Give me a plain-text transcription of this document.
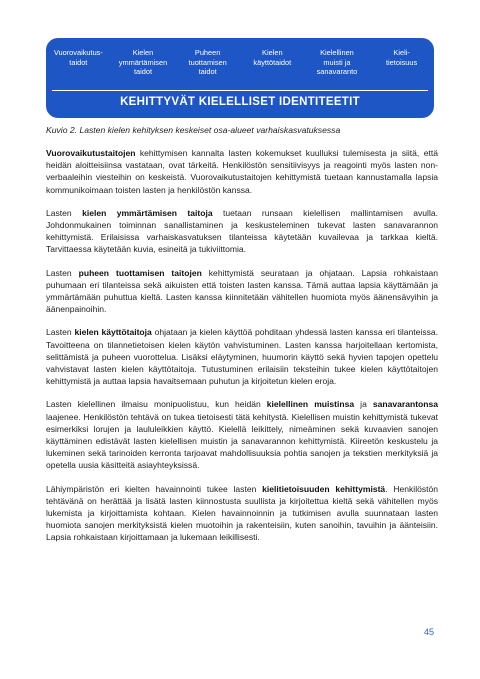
Vuorovaikutus-
taidot
Kielen
ymmärtämisen
taidot
Puheen
tuottamisen
taidot
Kielen
käyttötaidot
Kielellinen
muisti ja
sanavaranto
Kieli-
tietoisuus
KEHITTYVÄT KIELELLISET IDENTITEETIT
Kuvio 2. Lasten kielen kehityksen keskeiset osa-alueet varhaiskasvatuksessa

Vuorovaikutustaitojen kehittymisen kannalta lasten kokemukset kuulluksi tulemisesta ja siitä, että heidän aloitteisiinsa vastataan, ovat tärkeitä. Henkilöstön sensitiivisyys ja reagointi myös lasten non-verbaaleihin viesteihin on keskeistä. Vuorovaikutustaitojen kehittymistä tuetaan kannustamalla lapsia kommunikoimaan toisten lasten ja henkilöstön kanssa.

Lasten kielen ymmärtämisen taitoja tuetaan runsaan kielellisen mallintamisen avulla. Johdonmukainen toiminnan sanallistaminen ja keskusteleminen tukevat lasten sanavarannon kehittymistä. Erilaisissa varhaiskasvatuksen tilanteissa käytetään kuvailevaa ja tarkkaa kieltä. Tarvittaessa käytetään kuvia, esineitä ja tukiviittomia.

Lasten puheen tuottamisen taitojen kehittymistä seurataan ja ohjataan. Lapsia rohkaistaan puhumaan eri tilanteissa sekä aikuisten että toisten lasten kanssa. Tämä auttaa lapsia käyttämään ja ymmärtämään puhuttua kieltä. Lasten kanssa kiinnitetään vähitellen huomiota myös äänensävyihin ja äänenpainoihin.

Lasten kielen käyttötaitoja ohjataan ja kielen käyttöä pohditaan yhdessä lasten kanssa eri tilanteissa. Tavoitteena on tilannetietoisen kielen käytön vahvistuminen. Lasten kanssa harjoitellaan kertomista, selittämistä ja puheen vuorottelua. Lisäksi eläytyminen, huumorin käyttö sekä hyvien tapojen opettelu vahvistavat lasten kielen käyttötaitoja. Tutustuminen erilaisiin teksteihin tukee kielen käyttötaitojen kehittymistä ja auttaa lapsia havaitsemaan puhutun ja kirjoitetun kielen eroja.

Lasten kielellinen ilmaisu monipuolistuu, kun heidän kielellinen muistinsa ja sanavarantonsa laajenee. Henkilöstön tehtävä on tukea tietoisesti tätä kehitystä. Kielellisen muistin kehittymistä tukevat esimerkiksi lorujen ja laululeikkien käyttö. Kielellä leikittely, nimeäminen sekä kuvaavien sanojen käyttäminen edistävät lasten kielellisen muistin ja sanavarannon kehittymistä. Kiireetön keskustelu ja lukeminen sekä tarinoiden kerronta tarjoavat mahdollisuuksia pohtia sanojen ja tekstien merkityksiä ja opetella uusia käsitteitä asiayhteyksissä.

Lähiympäristön eri kielten havainnointi tukee lasten kielitietoisuuden kehittymistä. Henkilöstön tehtävänä on herättää ja lisätä lasten kiinnostusta suullista ja kirjoitettua kieltä sekä vähitellen myös lukemista ja kirjoittamista kohtaan. Kielen havainnoinnin ja tutkimisen avulla suunnataan lasten huomiota sanojen merkityksistä kielen muotoihin ja rakenteisiin, kuten sanoihin, tavuihin ja äänteisiin. Lapsia rohkaistaan kirjoittamaan ja lukemaan leikillisesti.

45
